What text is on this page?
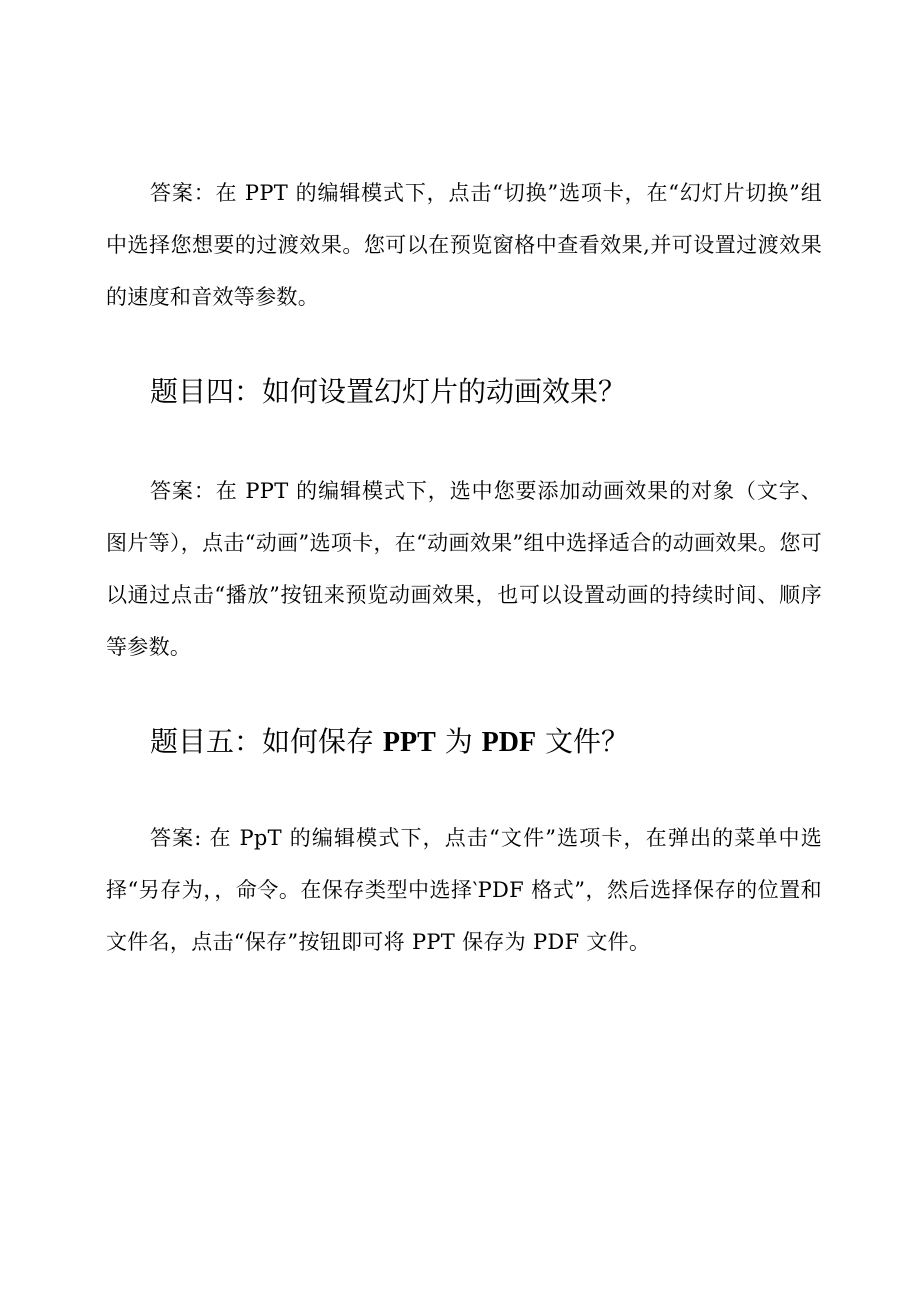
答案：在 PPT 的编辑模式下，点击“切换”选项卡，在“幻灯片切换”组中选择您想要的过渡效果。您可以在预览窗格中查看效果,并可设置过渡效果的速度和音效等参数。

题目四：如何设置幻灯片的动画效果？

答案：在 PPT 的编辑模式下，选中您要添加动画效果的对象（文字、图片等），点击“动画”选项卡，在“动画效果”组中选择适合的动画效果。您可以通过点击“播放”按钮来预览动画效果，也可以设置动画的持续时间、顺序等参数。

题目五：如何保存 PPT 为 PDF 文件？

答案: 在 PpT 的编辑模式下，点击“文件”选项卡，在弹出的菜单中选择“另存为，，命令。在保存类型中选择‵PDF 格式”，然后选择保存的位置和文件名，点击“保存”按钮即可将 PPT 保存为 PDF 文件。
